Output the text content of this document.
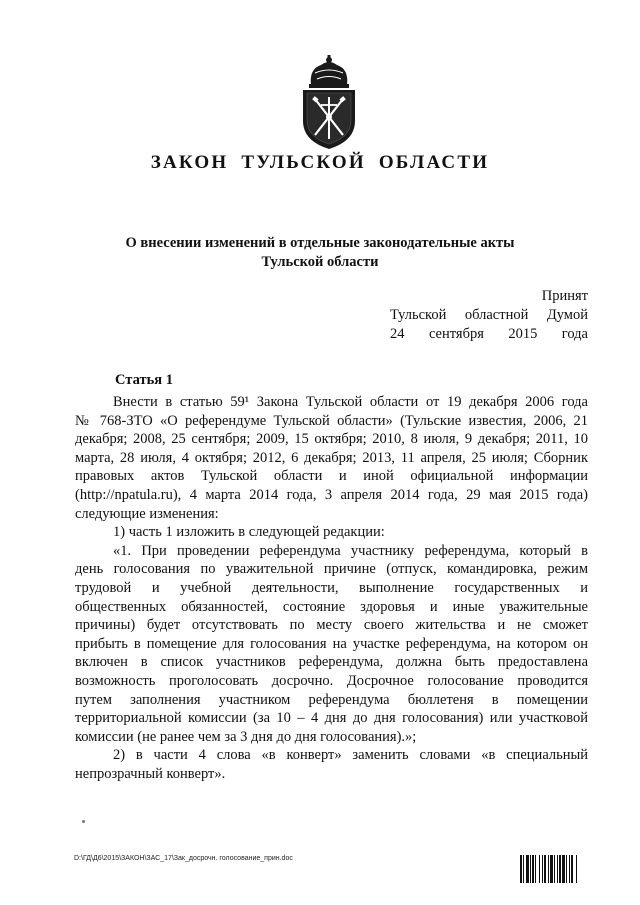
ЗАКОН ТУЛЬСКОЙ ОБЛАСТИ
О внесении изменений в отдельные законодательные акты
Тульской области
Принят
Тульской областной Думой
24 сентября 2015 года
Статья 1
Внести в статью 59¹ Закона Тульской области от 19 декабря 2006 года
№ 768-ЗТО «О референдуме Тульской области» (Тульские известия, 2006, 21
декабря; 2008, 25 сентября; 2009, 15 октября; 2010, 8 июля, 9 декабря; 2011, 10
марта, 28 июля, 4 октября; 2012, 6 декабря; 2013, 11 апреля, 25 июля; Сборник
правовых актов Тульской области и иной официальной информации
(http://npatula.ru), 4 марта 2014 года, 3 апреля 2014 года, 29 мая 2015 года)
следующие изменения:
1) часть 1 изложить в следующей редакции:
«1. При проведении референдума участнику референдума, который в
день голосования по уважительной причине (отпуск, командировка, режим
трудовой и учебной деятельности, выполнение государственных и
общественных обязанностей, состояние здоровья и иные уважительные
причины) будет отсутствовать по месту своего жительства и не сможет
прибыть в помещение для голосования на участке референдума, на котором он
включен в список участников референдума, должна быть предоставлена
возможность проголосовать досрочно. Досрочное голосование проводится
путем заполнения участником референдума бюллетеня в помещении
территориальной комиссии (за 10 – 4 дня до дня голосования) или участковой
комиссии (не ранее чем за 3 дня до дня голосования).»;
2) в части 4 слова «в конверт» заменить словами «в специальный
непрозрачный конверт».
D:\ГД\Д6\2015\ЗАКОН\ЗАС_17\Зак_досрочн. голосование_прин.doc
